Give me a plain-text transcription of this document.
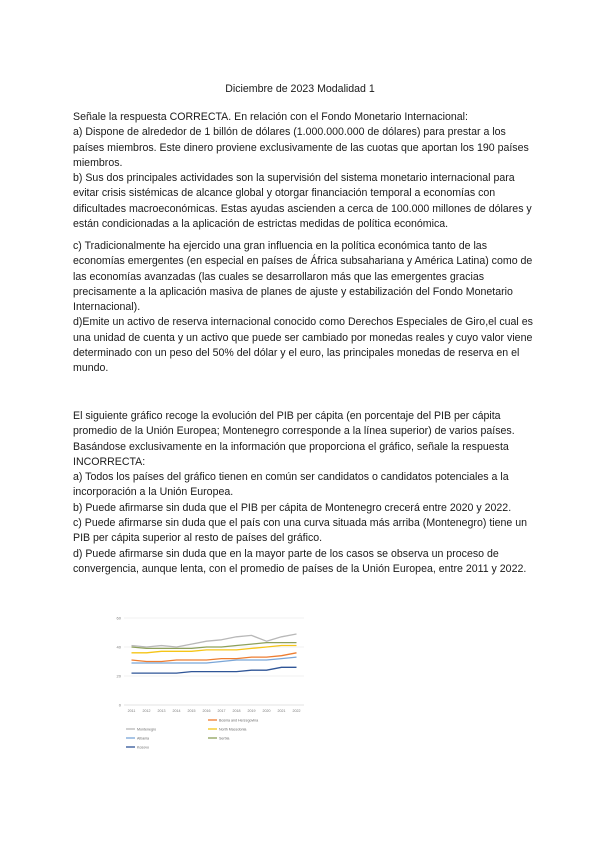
Diciembre de 2023 Modalidad 1

Señale la respuesta CORRECTA. En relación con el Fondo Monetario Internacional:

a) Dispone de alrededor de 1 billón de dólares (1.000.000.000 de dólares) para prestar a los países miembros. Este dinero proviene exclusivamente de las cuotas que aportan los 190 países miembros.

b) Sus dos principales actividades son la supervisión del sistema monetario internacional para evitar crisis sistémicas de alcance global y otorgar financiación temporal a economías con dificultades macroeconómicas. Estas ayudas ascienden a cerca de 100.000 millones de dólares y están condicionadas a la aplicación de estrictas medidas de política económica.

c) Tradicionalmente ha ejercido una gran influencia en la política económica tanto de las economías emergentes (en especial en países de África subsahariana y América Latina) como de las economías avanzadas (las cuales se desarrollaron más que las emergentes gracias precisamente a la aplicación masiva de planes de ajuste y estabilización del Fondo Monetario Internacional).

d)Emite un activo de reserva internacional conocido como Derechos Especiales de Giro,el cual es una unidad de cuenta y un activo que puede ser cambiado por monedas reales y cuyo valor viene determinado con un peso del 50% del dólar y el euro, las principales monedas de reserva en el mundo.

El siguiente gráfico recoge la evolución del PIB per cápita (en porcentaje del PIB per cápita promedio de la Unión Europea; Montenegro corresponde a la línea superior) de varios países. Basándose exclusivamente en la información que proporciona el gráfico, señale la respuesta INCORRECTA:

a) Todos los países del gráfico tienen en común ser candidatos o candidatos potenciales a la incorporación a la Unión Europea.

b) Puede afirmarse sin duda que el PIB per cápita de Montenegro crecerá entre 2020 y 2022.

c) Puede afirmarse sin duda que el país con una curva situada más arriba (Montenegro) tiene un PIB per cápita superior al resto de países del gráfico.

d) Puede afirmarse sin duda que en la mayor parte de los casos se observa un proceso de convergencia, aunque lenta, con el promedio de países de la Unión Europea, entre 2011 y 2022.

0
20
40
60
2011 2012 2013 2014 2015 2016 2017 2018 2019 2020 2021 2022
Bosnia and Herzegovina
Montenegro	North Macedonia
Albania	Serbia
Kosovo
